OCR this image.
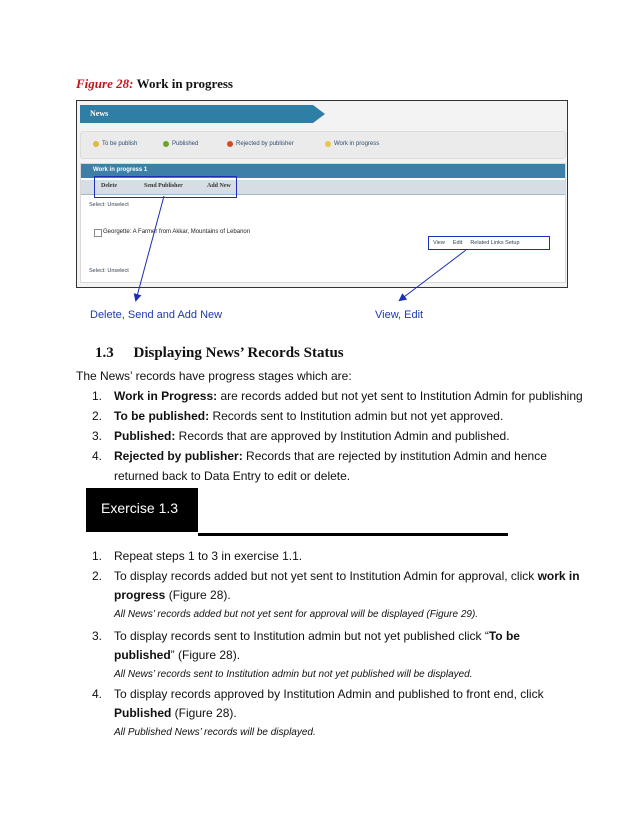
Figure 28: Work in progress
News
To be publish	Published	Rejected by publisher	Work in progress
Work in progress 1
Delete	Send Publisher	Add New
Select: Unselect
Georgette: A Farmer from Akkar, Mountains of Lebanon
View Edit Related Links Setup
Select: Unselect
Delete, Send and Add New	View, Edit
1.3 Displaying News’ Records Status
The News’ records have progress stages which are:
1. Work in Progress: are records added but not yet sent to Institution Admin for publishing
2. To be published: Records sent to Institution admin but not yet approved.
3. Published: Records that are approved by Institution Admin and published.
4. Rejected by publisher: Records that are rejected by institution Admin and hence
returned back to Data Entry to edit or delete.
Exercise 1.3
1. Repeat steps 1 to 3 in exercise 1.1.
2. To display records added but not yet sent to Institution Admin for approval, click work in
progress (Figure 28).
All News’ records added but not yet sent for approval will be displayed (Figure 29).
3. To display records sent to Institution admin but not yet published click “To be
published” (Figure 28).
All News’ records sent to Institution admin but not yet published will be displayed.
4. To display records approved by Institution Admin and published to front end, click
Published (Figure 28).
All Published News’ records will be displayed.
